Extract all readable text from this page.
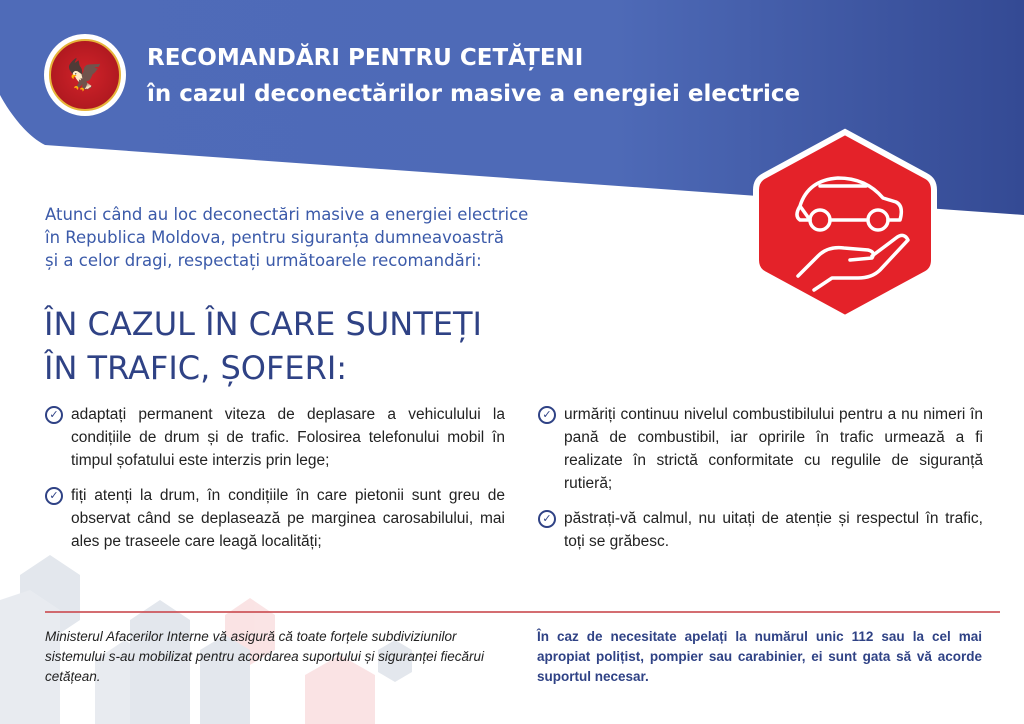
🦅	RECOMANDĂRI PENTRU CETĂȚENI
în cazul deconectărilor masive a energiei electrice
Atunci când au loc deconectări masive a energiei electrice
în Republica Moldova, pentru siguranța dumneavoastră
și a celor dragi, respectați următoarele recomandări:
ÎN CAZUL ÎN CARE SUNTEȚI
ÎN TRAFIC, ȘOFERI:
✓ adaptați permanent viteza de deplasare a vehiculului la condițiile de drum și de trafic. Folosirea telefonului mobil în timpul șofatului este interzis prin lege;
✓ fiți atenți la drum, în condițiile în care pietonii sunt greu de observat când se deplasează pe marginea carosabilului, mai ales pe traseele care leagă localități;
✓ urmăriți continuu nivelul combustibilului pentru a nu nimeri în pană de combustibil, iar opririle în trafic urmează a fi realizate în strictă conformitate cu regulile de siguranță rutieră;
✓ păstrați-vă calmul, nu uitați de atenție și respectul în trafic, toți se grăbesc.
Ministerul Afacerilor Interne vă asigură că toate forțele subdiviziunilor sistemului s-au mobilizat pentru acordarea suportului și siguranței fiecărui cetățean.
În caz de necesitate apelați la numărul unic 112 sau la cel mai apropiat polițist, pompier sau carabinier, ei sunt gata să vă acorde suportul necesar.
